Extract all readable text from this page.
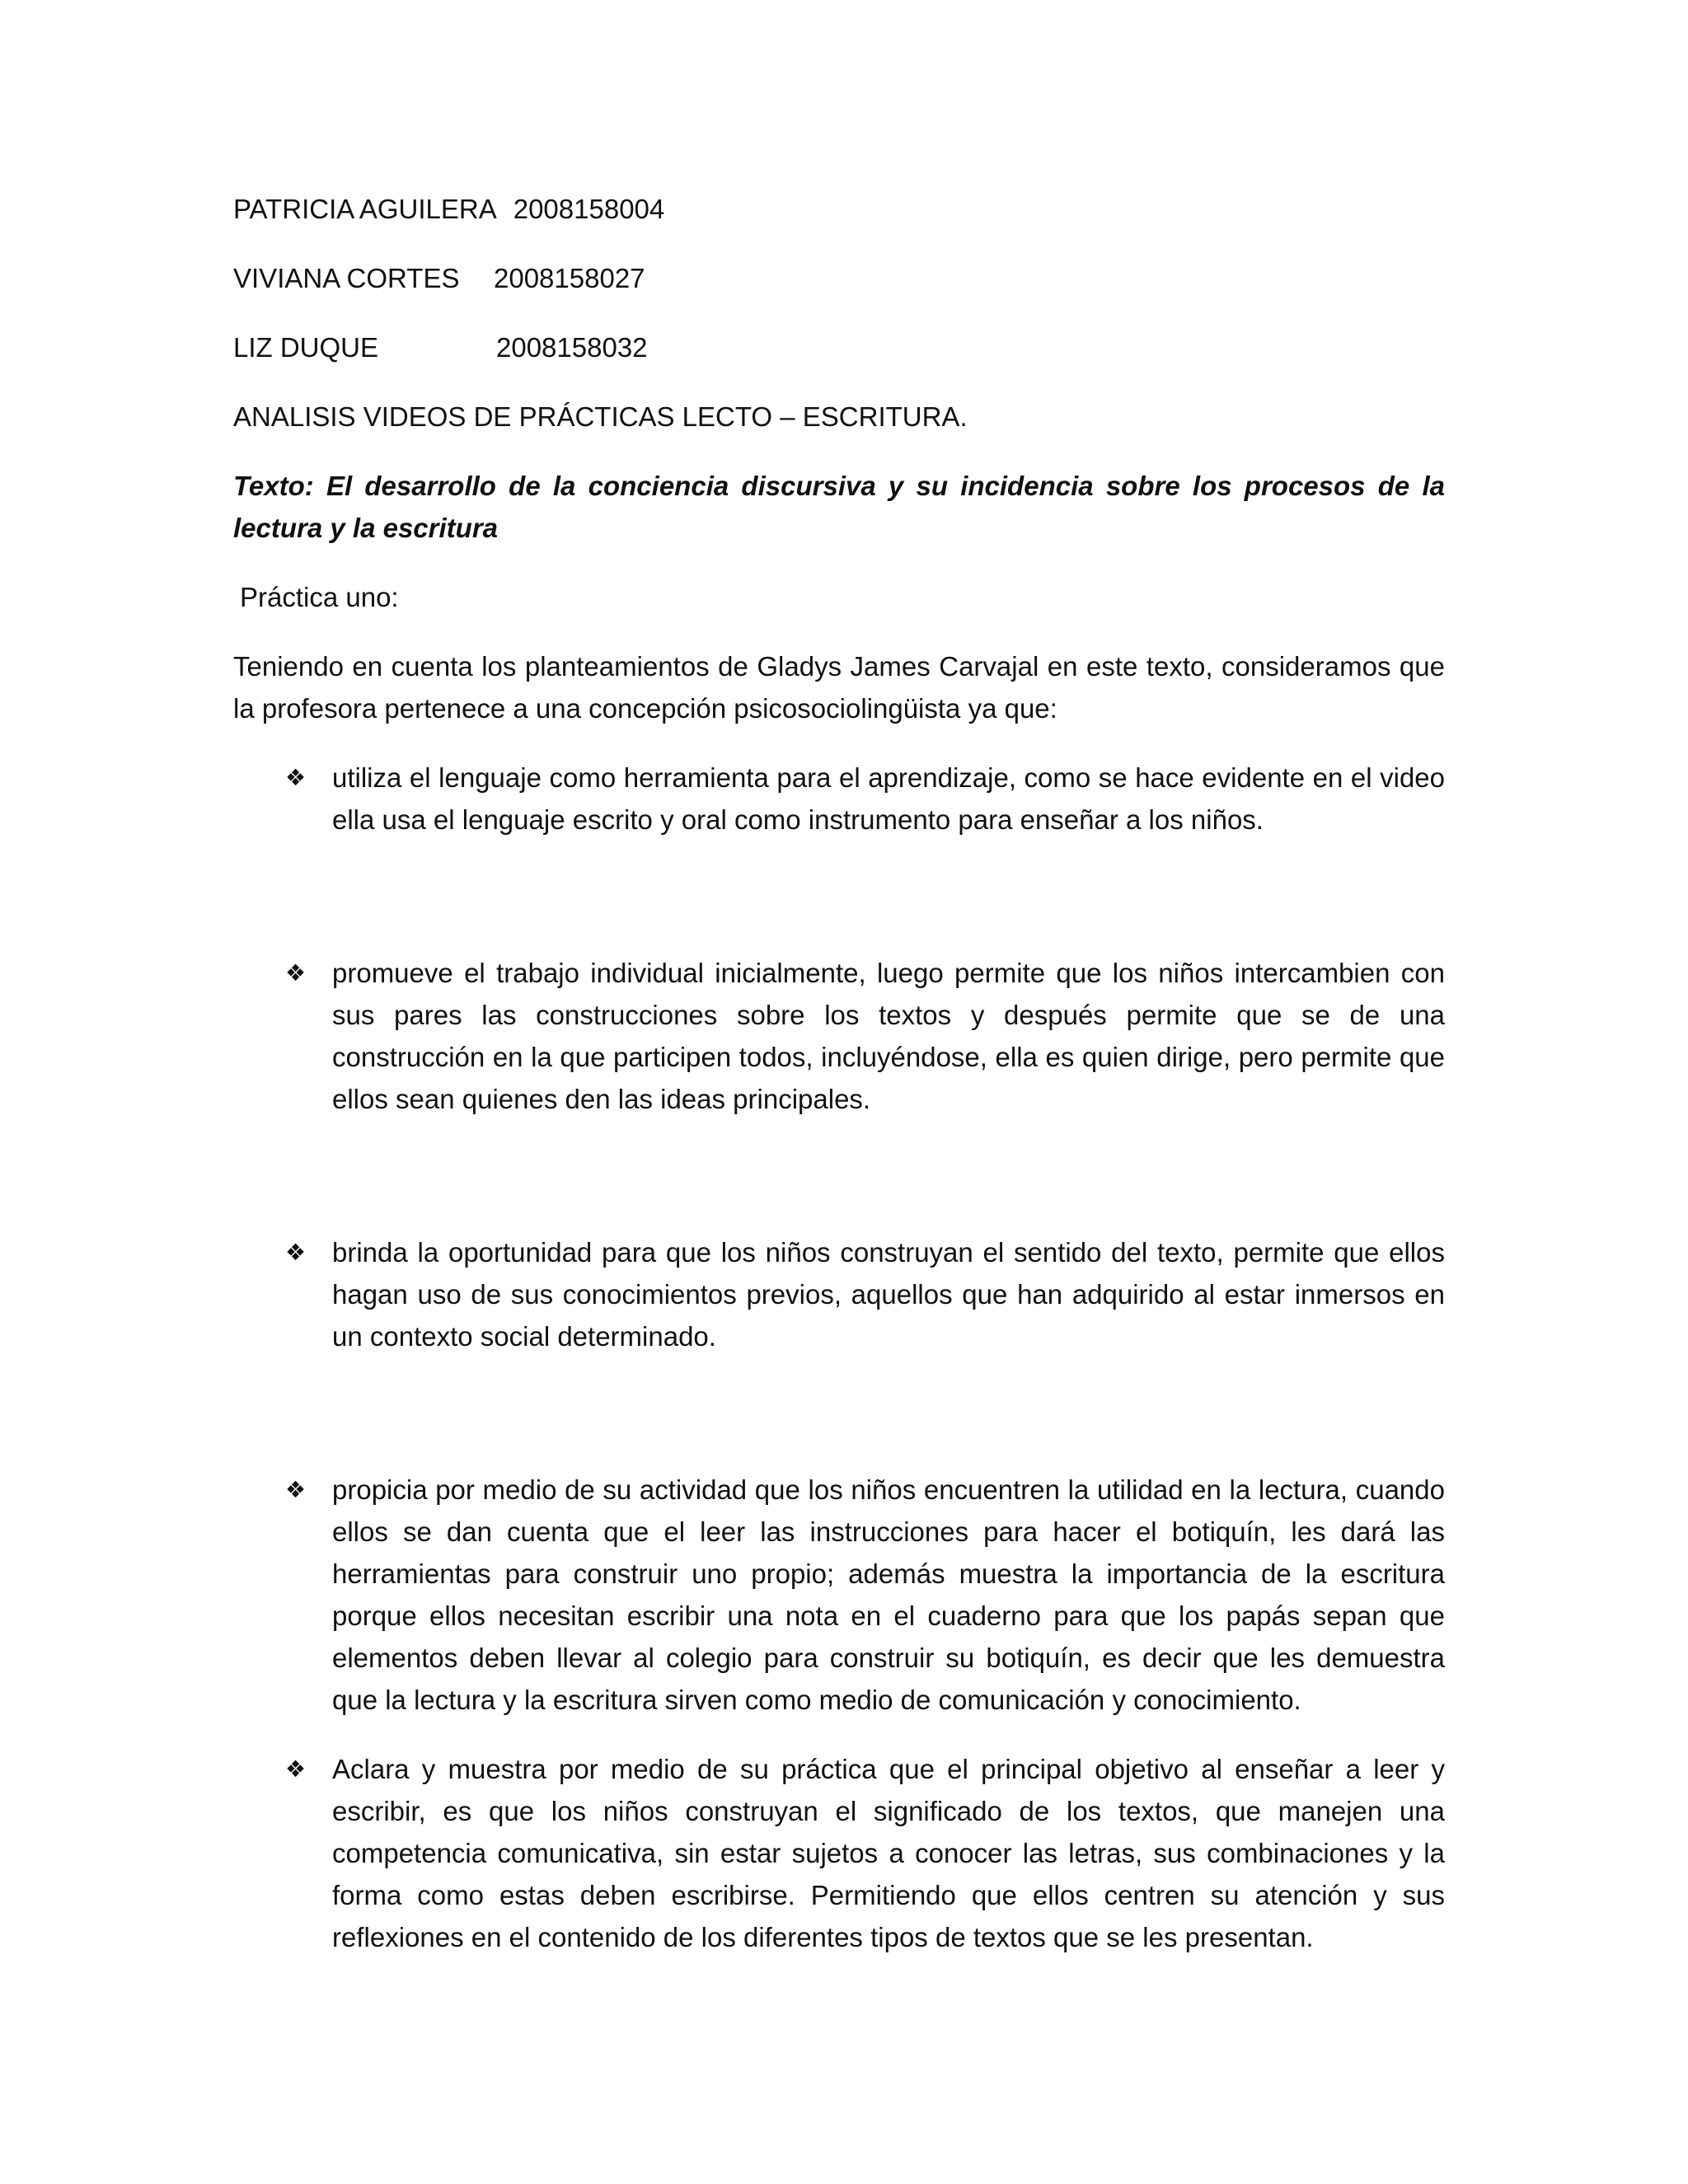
PATRICIA AGUILERA 2008158004
VIVIANA CORTES 2008158027
LIZ DUQUE	2008158032
ANALISIS VIDEOS DE PRÁCTICAS LECTO – ESCRITURA.
Texto: El desarrollo de la conciencia discursiva y su incidencia sobre los procesos de la lectura y la escritura
Práctica uno:
Teniendo en cuenta los planteamientos de Gladys James Carvajal en este texto, consideramos que la profesora pertenece a una concepción psicosociolingüista ya que:
❖ utiliza el lenguaje como herramienta para el aprendizaje, como se hace evidente en el video ella usa el lenguaje escrito y oral como instrumento para enseñar a los niños.
❖ promueve el trabajo individual inicialmente, luego permite que los niños intercambien con sus pares las construcciones sobre los textos y después permite que se de una construcción en la que participen todos, incluyéndose, ella es quien dirige, pero permite que ellos sean quienes den las ideas principales.
❖ brinda la oportunidad para que los niños construyan el sentido del texto, permite que ellos hagan uso de sus conocimientos previos, aquellos que han adquirido al estar inmersos en un contexto social determinado.
❖ propicia por medio de su actividad que los niños encuentren la utilidad en la lectura, cuando ellos se dan cuenta que el leer las instrucciones para hacer el botiquín, les dará las herramientas para construir uno propio; además muestra la importancia de la escritura porque ellos necesitan escribir una nota en el cuaderno para que los papás sepan que elementos deben llevar al colegio para construir su botiquín, es decir que les demuestra que la lectura y la escritura sirven como medio de comunicación y conocimiento.
❖ Aclara y muestra por medio de su práctica que el principal objetivo al enseñar a leer y escribir, es que los niños construyan el significado de los textos, que manejen una competencia comunicativa, sin estar sujetos a conocer las letras, sus combinaciones y la forma como estas deben escribirse. Permitiendo que ellos centren su atención y sus reflexiones en el contenido de los diferentes tipos de textos que se les presentan.
